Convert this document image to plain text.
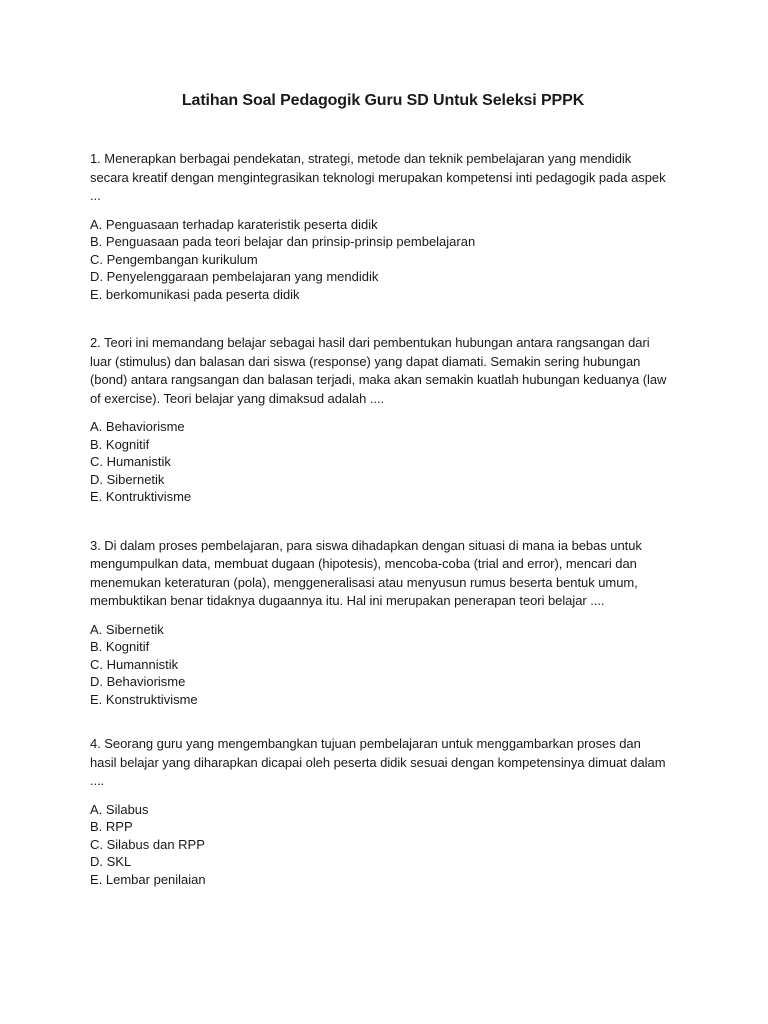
Latihan Soal Pedagogik Guru SD Untuk Seleksi PPPK

1. Menerapkan berbagai pendekatan, strategi, metode dan teknik pembelajaran yang mendidik secara kreatif dengan mengintegrasikan teknologi merupakan kompetensi inti pedagogik pada aspek ...

A. Penguasaan terhadap karateristik peserta didik
B. Penguasaan pada teori belajar dan prinsip-prinsip pembelajaran
C. Pengembangan kurikulum
D. Penyelenggaraan pembelajaran yang mendidik
E. berkomunikasi pada peserta didik

2. Teori ini memandang belajar sebagai hasil dari pembentukan hubungan antara rangsangan dari luar (stimulus) dan balasan dari siswa (response) yang dapat diamati. Semakin sering hubungan (bond) antara rangsangan dan balasan terjadi, maka akan semakin kuatlah hubungan keduanya (law of exercise). Teori belajar yang dimaksud adalah ....

A. Behaviorisme
B. Kognitif
C. Humanistik
D. Sibernetik
E. Kontruktivisme

3. Di dalam proses pembelajaran, para siswa dihadapkan dengan situasi di mana ia bebas untuk mengumpulkan data, membuat dugaan (hipotesis), mencoba-coba (trial and error), mencari dan menemukan keteraturan (pola), menggeneralisasi atau menyusun rumus beserta bentuk umum, membuktikan benar tidaknya dugaannya itu. Hal ini merupakan penerapan teori belajar ....

A. Sibernetik
B. Kognitif
C. Humannistik
D. Behaviorisme
E. Konstruktivisme

4. Seorang guru yang mengembangkan tujuan pembelajaran untuk menggambarkan proses dan hasil belajar yang diharapkan dicapai oleh peserta didik sesuai dengan kompetensinya dimuat dalam ....

A. Silabus
B. RPP
C. Silabus dan RPP
D. SKL
E. Lembar penilaian
